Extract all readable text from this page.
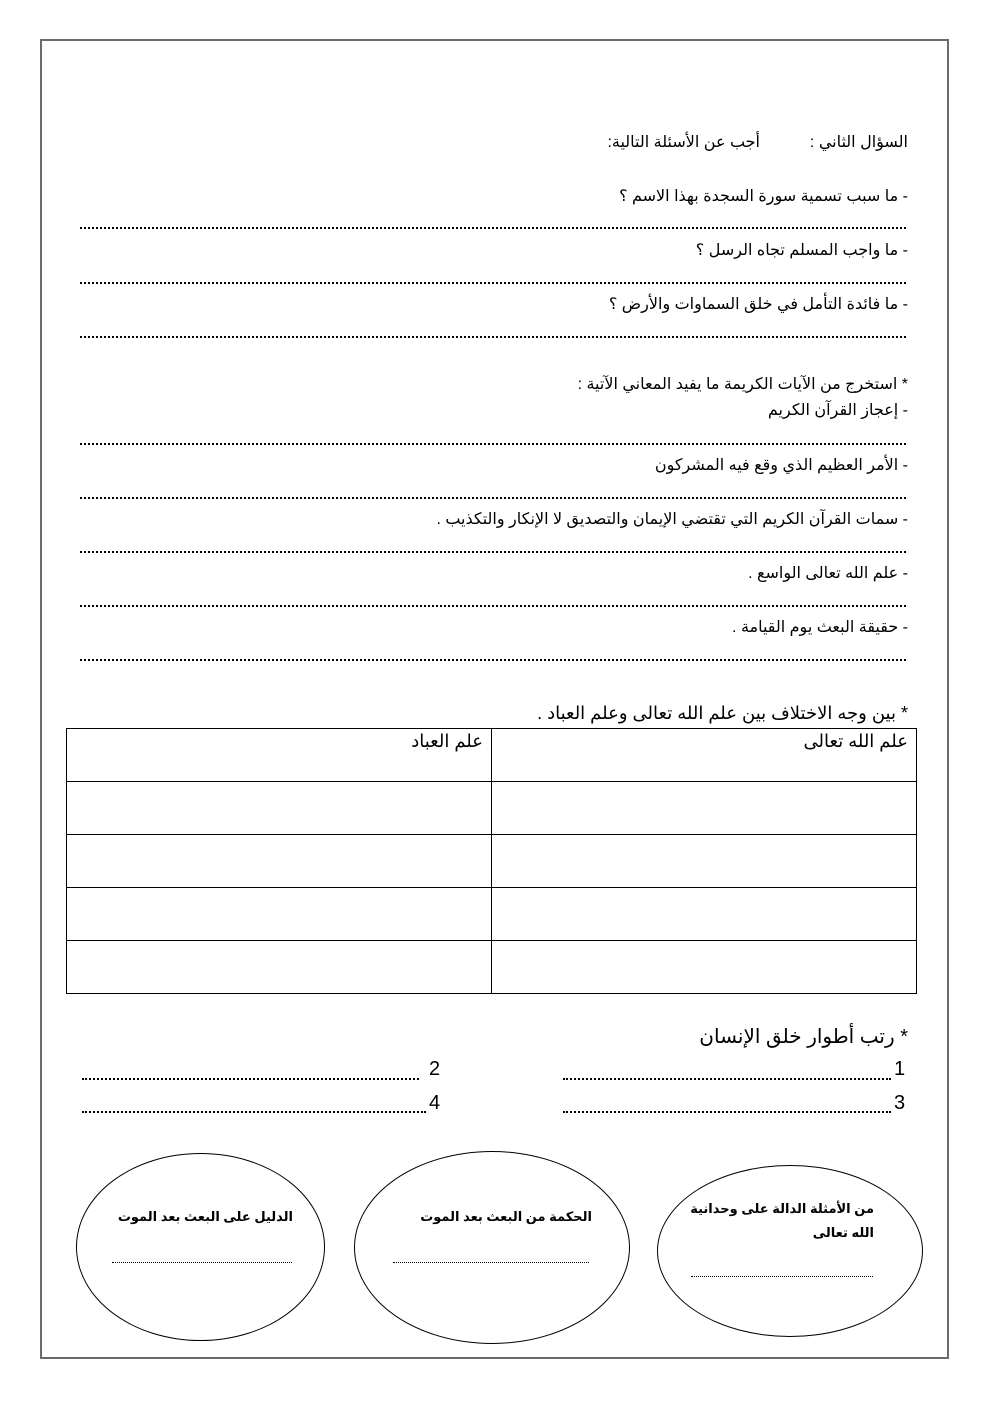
السؤال الثاني :
أجب عن الأسئلة التالية:
- ما سبب تسمية سورة السجدة بهذا الاسم ؟
- ما واجب المسلم تجاه الرسل ؟
- ما فائدة التأمل في خلق السماوات والأرض ؟
* استخرج من الآيات الكريمة ما يفيد المعاني الآتية :
- إعجاز القرآن الكريم
- الأمر العظيم الذي وقع فيه المشركون
- سمات القرآن الكريم التي تقتضي الإيمان والتصديق لا الإنكار والتكذيب .
- علم الله تعالى الواسع .
- حقيقة البعث يوم القيامة .
* بين وجه الاختلاف بين علم الله تعالى وعلم العباد .
علم الله تعالى	علم العباد

* رتب أطوار خلق الإنسان
1
2
3
4
الدليل على البعث بعد الموت	الحكمة من البعث بعد الموت
من الأمثلة الدالة على وحدانية الله تعالى
